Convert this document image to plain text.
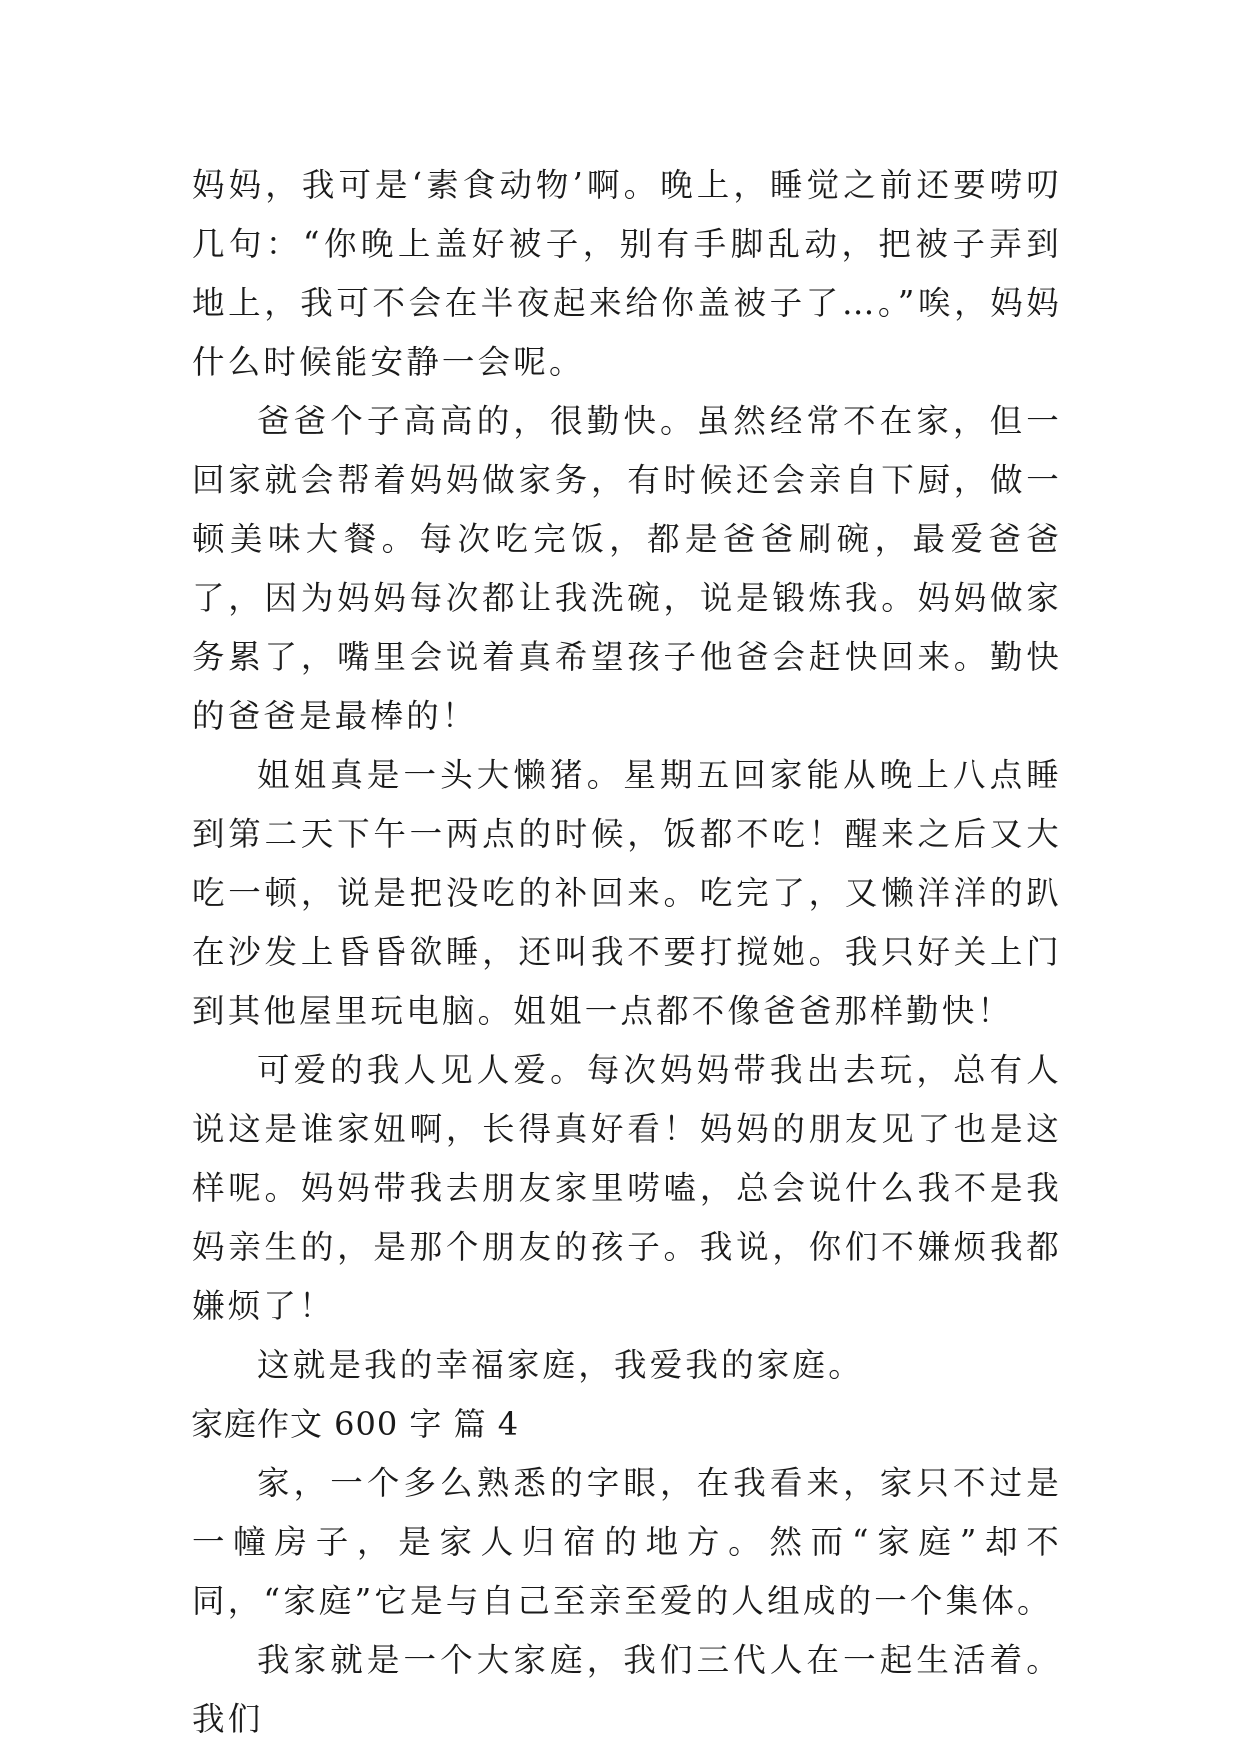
妈妈，我可是‘素食动物’啊。晚上，睡觉之前还要唠叨几句：“你晚上盖好被子，别有手脚乱动，把被子弄到地上，我可不会在半夜起来给你盖被子了…。”唉，妈妈什么时候能安静一会呢。

爸爸个子高高的，很勤快。虽然经常不在家，但一回家就会帮着妈妈做家务，有时候还会亲自下厨，做一顿美味大餐。每次吃完饭，都是爸爸刷碗，最爱爸爸了，因为妈妈每次都让我洗碗，说是锻炼我。妈妈做家务累了，嘴里会说着真希望孩子他爸会赶快回来。勤快的爸爸是最棒的！

姐姐真是一头大懒猪。星期五回家能从晚上八点睡到第二天下午一两点的时候，饭都不吃！醒来之后又大吃一顿，说是把没吃的补回来。吃完了，又懒洋洋的趴在沙发上昏昏欲睡，还叫我不要打搅她。我只好关上门到其他屋里玩电脑。姐姐一点都不像爸爸那样勤快！

可爱的我人见人爱。每次妈妈带我出去玩，总有人说这是谁家妞啊，长得真好看！妈妈的朋友见了也是这样呢。妈妈带我去朋友家里唠嗑，总会说什么我不是我妈亲生的，是那个朋友的孩子。我说，你们不嫌烦我都嫌烦了！

这就是我的幸福家庭，我爱我的家庭。

家庭作文 600 字 篇 4

家，一个多么熟悉的字眼，在我看来，家只不过是一幢房子，是家人归宿的地方。然而“家庭”却不同，“家庭”它是与自己至亲至爱的人组成的一个集体。

我家就是一个大家庭，我们三代人在一起生活着。我们
